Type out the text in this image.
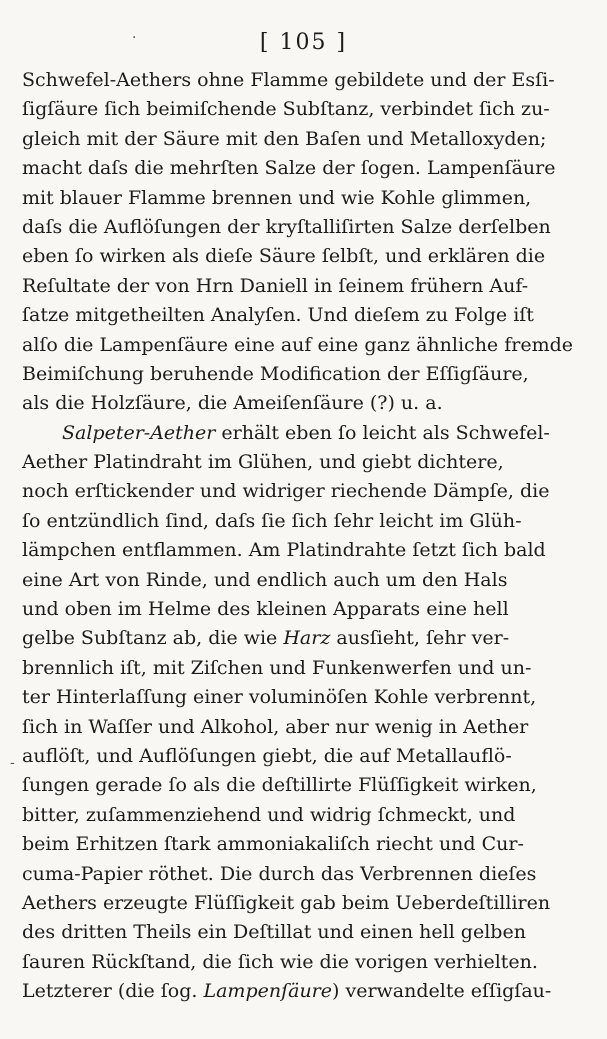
[ 105 ]
Schwefel-Aethers ohne Flamme gebildete und der Esſi-
ſigſäure ſich beimiſchende Subſtanz, verbindet ſich zu-
gleich mit der Säure mit den Baſen und Metalloxyden;
macht daſs die mehrſten Salze der ſogen. Lampenſäure
mit blauer Flamme brennen und wie Kohle glimmen,
daſs die Auflöſungen der kryſtalliſirten Salze derſelben
eben ſo wirken als dieſe Säure ſelbſt, und erklären die
Reſultate der von Hrn Daniell in ſeinem frühern Auf-
ſatze mitgetheilten Analyſen. Und dieſem zu Folge iſt
alſo die Lampenſäure eine auf eine ganz ähnliche fremde
Beimiſchung beruhende Modification der Eſſigſäure,
als die Holzſäure, die Ameiſenſäure (?) u. a.
Salpeter-Aether erhält eben ſo leicht als Schwefel-
Aether Platindraht im Glühen, und giebt dichtere,
noch erſtickender und widriger riechende Dämpſe, die
ſo entzündlich ſind, daſs ſie ſich ſehr leicht im Glüh-
lämpchen entflammen. Am Platindrahte ſetzt ſich bald
eine Art von Rinde, und endlich auch um den Hals
und oben im Helme des kleinen Apparats eine hell
gelbe Subſtanz ab, die wie Harz ausſieht, ſehr ver-
brennlich iſt, mit Ziſchen und Funkenwerfen und un-
ter Hinterlaſſung einer voluminöſen Kohle verbrennt,
ſich in Waſſer und Alkohol, aber nur wenig in Aether
auflöſt, und Auflöſungen giebt, die auf Metallauflö-
ſungen gerade ſo als die deſtillirte Flüſſigkeit wirken,
bitter, zuſammenziehend und widrig ſchmeckt, und
beim Erhitzen ſtark ammoniakaliſch riecht und Cur-
cuma-Papier röthet. Die durch das Verbrennen dieſes
Aethers erzeugte Flüſſigkeit gab beim Ueberdeſtilliren
des dritten Theils ein Deſtillat und einen hell gelben
ſauren Rückſtand, die ſich wie die vorigen verhielten.
Letzterer (die ſog. Lampenſäure) verwandelte eſſigſau-
·
-
